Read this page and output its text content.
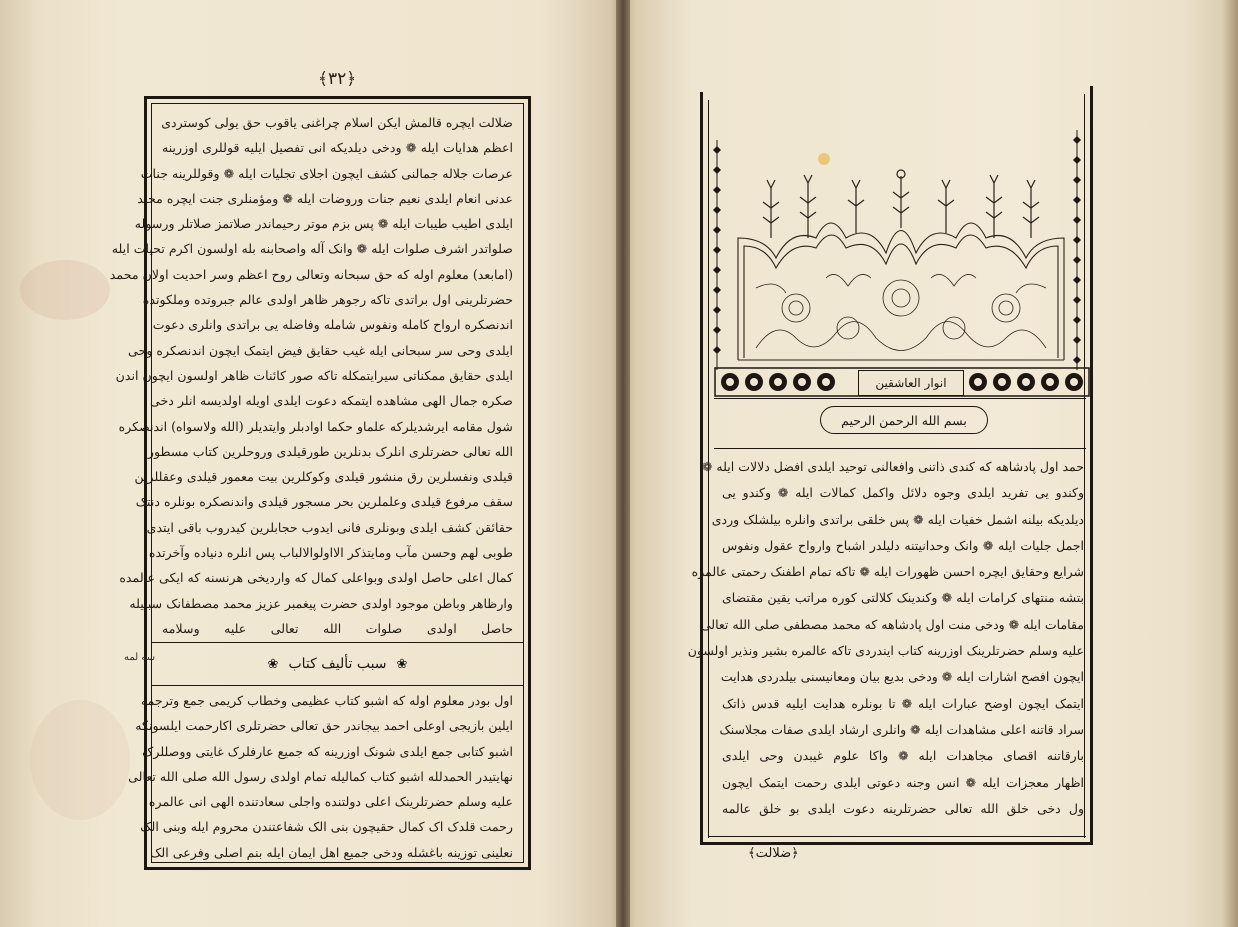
﴿٣٢﴾
ضلالت ایچره قالمش ایکن اسلام چراغنی یاقوب حق یولی کوستردی
اعظم هدایات ایله ❁ ودخی دیلدیکه انی تفصیل ایلیه قوللری اوزرینه
عرصات جلاله جمالنی کشف ایچون اجلای تجلیات ایله ❁ وقوللرینه جنات
عدنی انعام ایلدی نعیم جنات وروضات ایله ❁ ومؤمنلری جنت ایچره مخلد
ایلدی اطیب طیبات ایله ❁ پس بزم موتر رحیماندر صلاتمز صلاتلر ورسوله
صلواتدر اشرف صلوات ایله ❁ وانک آله واصحابنه بله اولسون اکرم تحیات ایله
(امابعد) معلوم اوله که حق سبحانه وتعالی روح اعظم وسر احدیت اولان محمد
حضرتلرینی اول براتدی تاکه رجوهر ظاهر اولدی عالم جبروتده وملکوتده
اندنصکره ارواح کامله ونفوس شامله وفاضله یی براتدی وانلری دعوت
ایلدی وحی سر سبحانی ایله غیب حقایق فیض ایتمک ایچون اندنصکره وحی
ایلدی حقایق ممکناتی سیرایتمکله تاکه صور کائنات ظاهر اولسون ایچون اندن
صکره جمال الهی مشاهده ایتمکه دعوت ایلدی اویله اولدیسه انلر دخی
شول مقامه ایرشدیلرکه علماو حکما اوادبلر وایتدیلر (الله ولاسواه) اندنصکره
الله تعالی حضرتلری انلرک بدنلرین طورقیلدی وروحلرین کتاب مسطور
قیلدی ونفسلرین رق منشور قیلدی وکوکلرین بیت معمور قیلدی وعقللرین
سقف مرفوع قیلدی وعلملرین بحر مسجور قیلدی واندنصکره بونلره دنتک
حقائقن کشف ایلدی وبونلری فانی ایدوب حجابلرین کیدروب باقی ایتدی
طوبی لهم وحسن مآب ومایتذکر الااولوالالباب پس انلره دنیاده وآخرتده
کمال اعلی حاصل اولدی وبواعلی کمال که واردیخی هرنسنه که ایکی عالمده
وارظاهر وباطن موجود اولدی حضرت پیغمبر عزیز محمد مصطفانک سببیله
حاصل اولدی صلوات الله تعالی علیه وسلامه
❀ سبب تألیف کتاب ❀
اول بودر معلوم اوله که اشبو کتاب عظیمی وخطاب کریمی جمع وترجمه
ایلین بازیجی اوعلی احمد بیجاندر حق تعالی حضرتلری اکارحمت ایلسونکه
اشبو کتابی جمع ایلدی شونک اوزرینه که جمیع عارفلرک غایتی ووصللرک
نهایتیدر الحمدلله اشبو کتاب کمالیله تمام اولدی رسول الله صلی الله تعالی
علیه وسلم حضرتلرینک اعلی دولتنده واجلی سعادتنده الهی انی عالمره
رحمت قلدک اک کمال حقیچون بنی الک شفاعتندن محروم ایله وبنی الک
نعلینی توزینه باغشله ودخی جمیع اهل ایمان ایله بنم اصلی وفرعی الک
سه لمه
انوار العاشقین
بسم الله الرحمن الرحیم
حمد اول پادشاهه که کندی ذاتنی وافعالنی توحید ایلدی افضل دلالات ایله ❁
وکندو یی تفرید ایلدی وجوه دلائل واکمل کمالات ایله ❁ وکندو یی
دیلدیکه بیلنه اشمل خفیات ایله ❁ پس خلقی براتدی وانلره بیلشلک وردی
اجمل جلیات ایله ❁ وانک وحدانیتنه دلیلدر اشباح وارواح عقول ونفوس
شرایع وحقایق ایچره احسن ظهورات ایله ❁ تاکه تمام اطفنک رحمتی عالمره
بتشه منتهای کرامات ایله ❁ وکندینک کلالتی کوره مراتب یقین مقتضای
مقامات ایله ❁ ودخی منت اول پادشاهه که محمد مصطفی صلی الله تعالی
علیه وسلم حضرتلرینک اوزرینه کتاب ایندردی تاکه عالمره بشیر ونذیر اولسون
ایچون افصح اشارات ایله ❁ ودخی بدیع بیان ومعانیسنی بیلدردی هدایت
ایتمک ایچون اوضح عبارات ایله ❁ تا بونلره هدایت ایلیه قدس ذاتک
سراد قاتنه اعلی مشاهدات ایله ❁ وانلری ارشاد ایلدی صفات مجلاسنک
بارقاتنه اقصای مجاهدات ایله ❁ واکا علوم غیبدن وحی ایلدی
اظهار معجزات ایله ❁ انس وجنه دعوتی ایلدی رحمت ایتمک ایچون
ول دخی خلق الله تعالی حضرتلرینه دعوت ایلدی بو خلق عالمه
﴿ضلالت﴾
